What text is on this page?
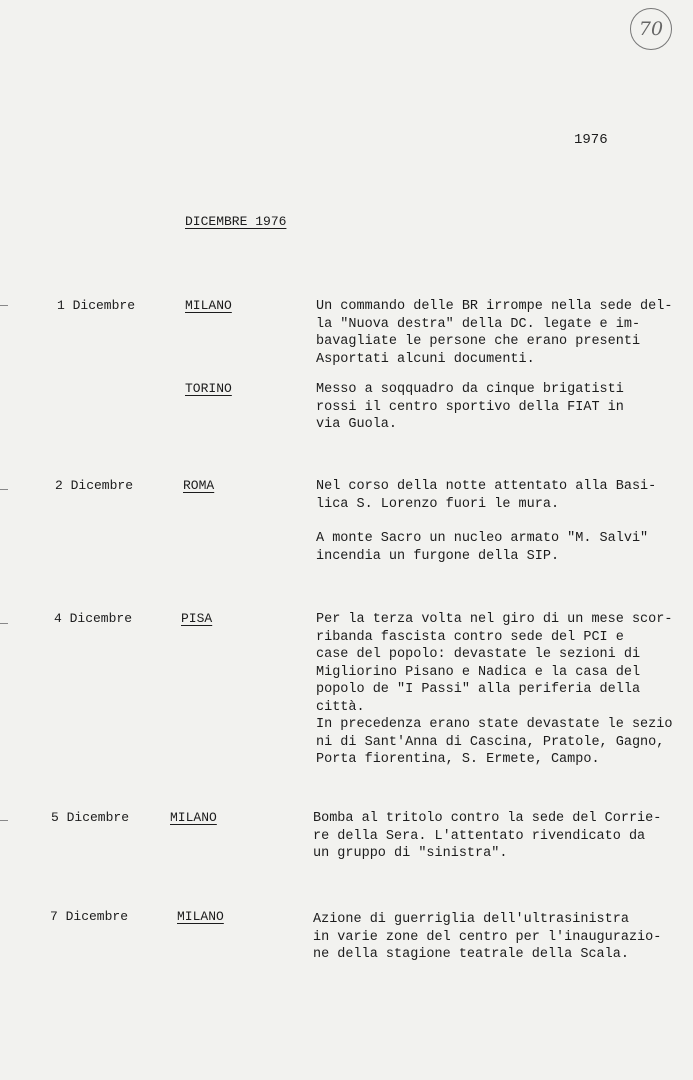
70
1976
DICEMBRE 1976
1 Dicembre	MILANO	Un commando delle BR irrompe nella sede del-
la "Nuova destra" della DC. legate e im-
bavagliate le persone che erano presenti
Asportati alcuni documenti.
TORINO	Messo a soqquadro da cinque brigatisti
rossi il centro sportivo della FIAT in
via Guola.
2 Dicembre	ROMA	Nel corso della notte attentato alla Basi-
lica S. Lorenzo fuori le mura.
A monte Sacro un nucleo armato "M. Salvi"
incendia un furgone della SIP.
4 Dicembre	PISA	Per la terza volta nel giro di un mese scor-
ribanda fascista contro sede del PCI e
case del popolo: devastate le sezioni di
Migliorino Pisano e Nadica e la casa del
popolo de "I Passi" alla periferia della
città.
In precedenza erano state devastate le sezio
ni di Sant'Anna di Cascina, Pratole, Gagno,
Porta fiorentina, S. Ermete, Campo.
5 Dicembre	MILANO	Bomba al tritolo contro la sede del Corrie-
re della Sera. L'attentato rivendicato da
un gruppo di "sinistra".
7 Dicembre	MILANO	Azione di guerriglia dell'ultrasinistra
in varie zone del centro per l'inaugurazio-
ne della stagione teatrale della Scala.
